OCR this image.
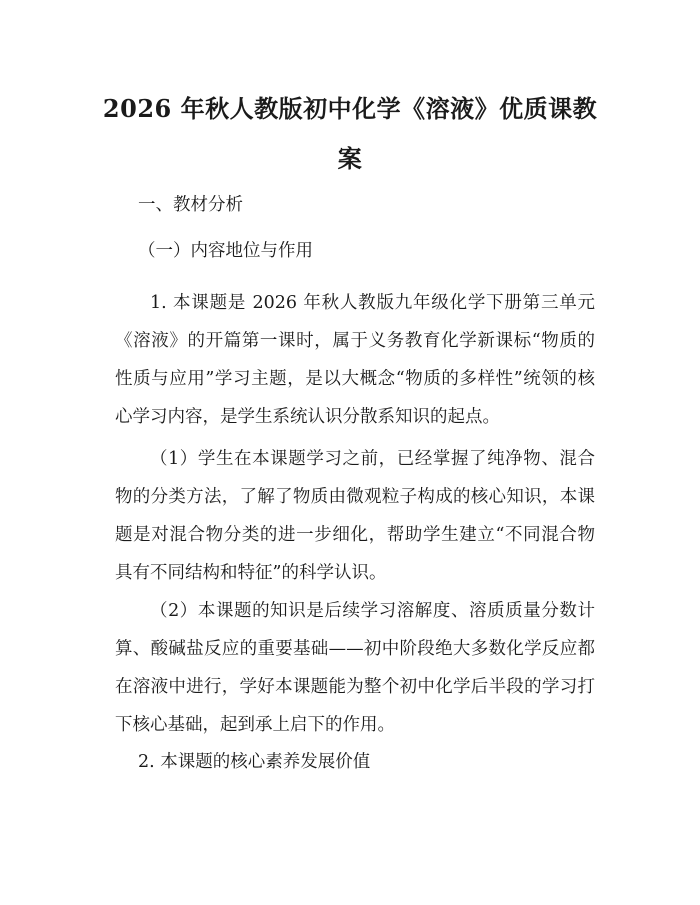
2026 年秋人教版初中化学《溶液》优质课教案
一、教材分析
（一）内容地位与作用
1. 本课题是 2026 年秋人教版九年级化学下册第三单元《溶液》的开篇第一课时，属于义务教育化学新课标“物质的性质与应用”学习主题，是以大概念“物质的多样性”统领的核心学习内容，是学生系统认识分散系知识的起点。
（1）学生在本课题学习之前，已经掌握了纯净物、混合物的分类方法，了解了物质由微观粒子构成的核心知识，本课题是对混合物分类的进一步细化，帮助学生建立“不同混合物具有不同结构和特征”的科学认识。
（2）本课题的知识是后续学习溶解度、溶质质量分数计算、酸碱盐反应的重要基础——初中阶段绝大多数化学反应都在溶液中进行，学好本课题能为整个初中化学后半段的学习打下核心基础，起到承上启下的作用。
2. 本课题的核心素养发展价值
